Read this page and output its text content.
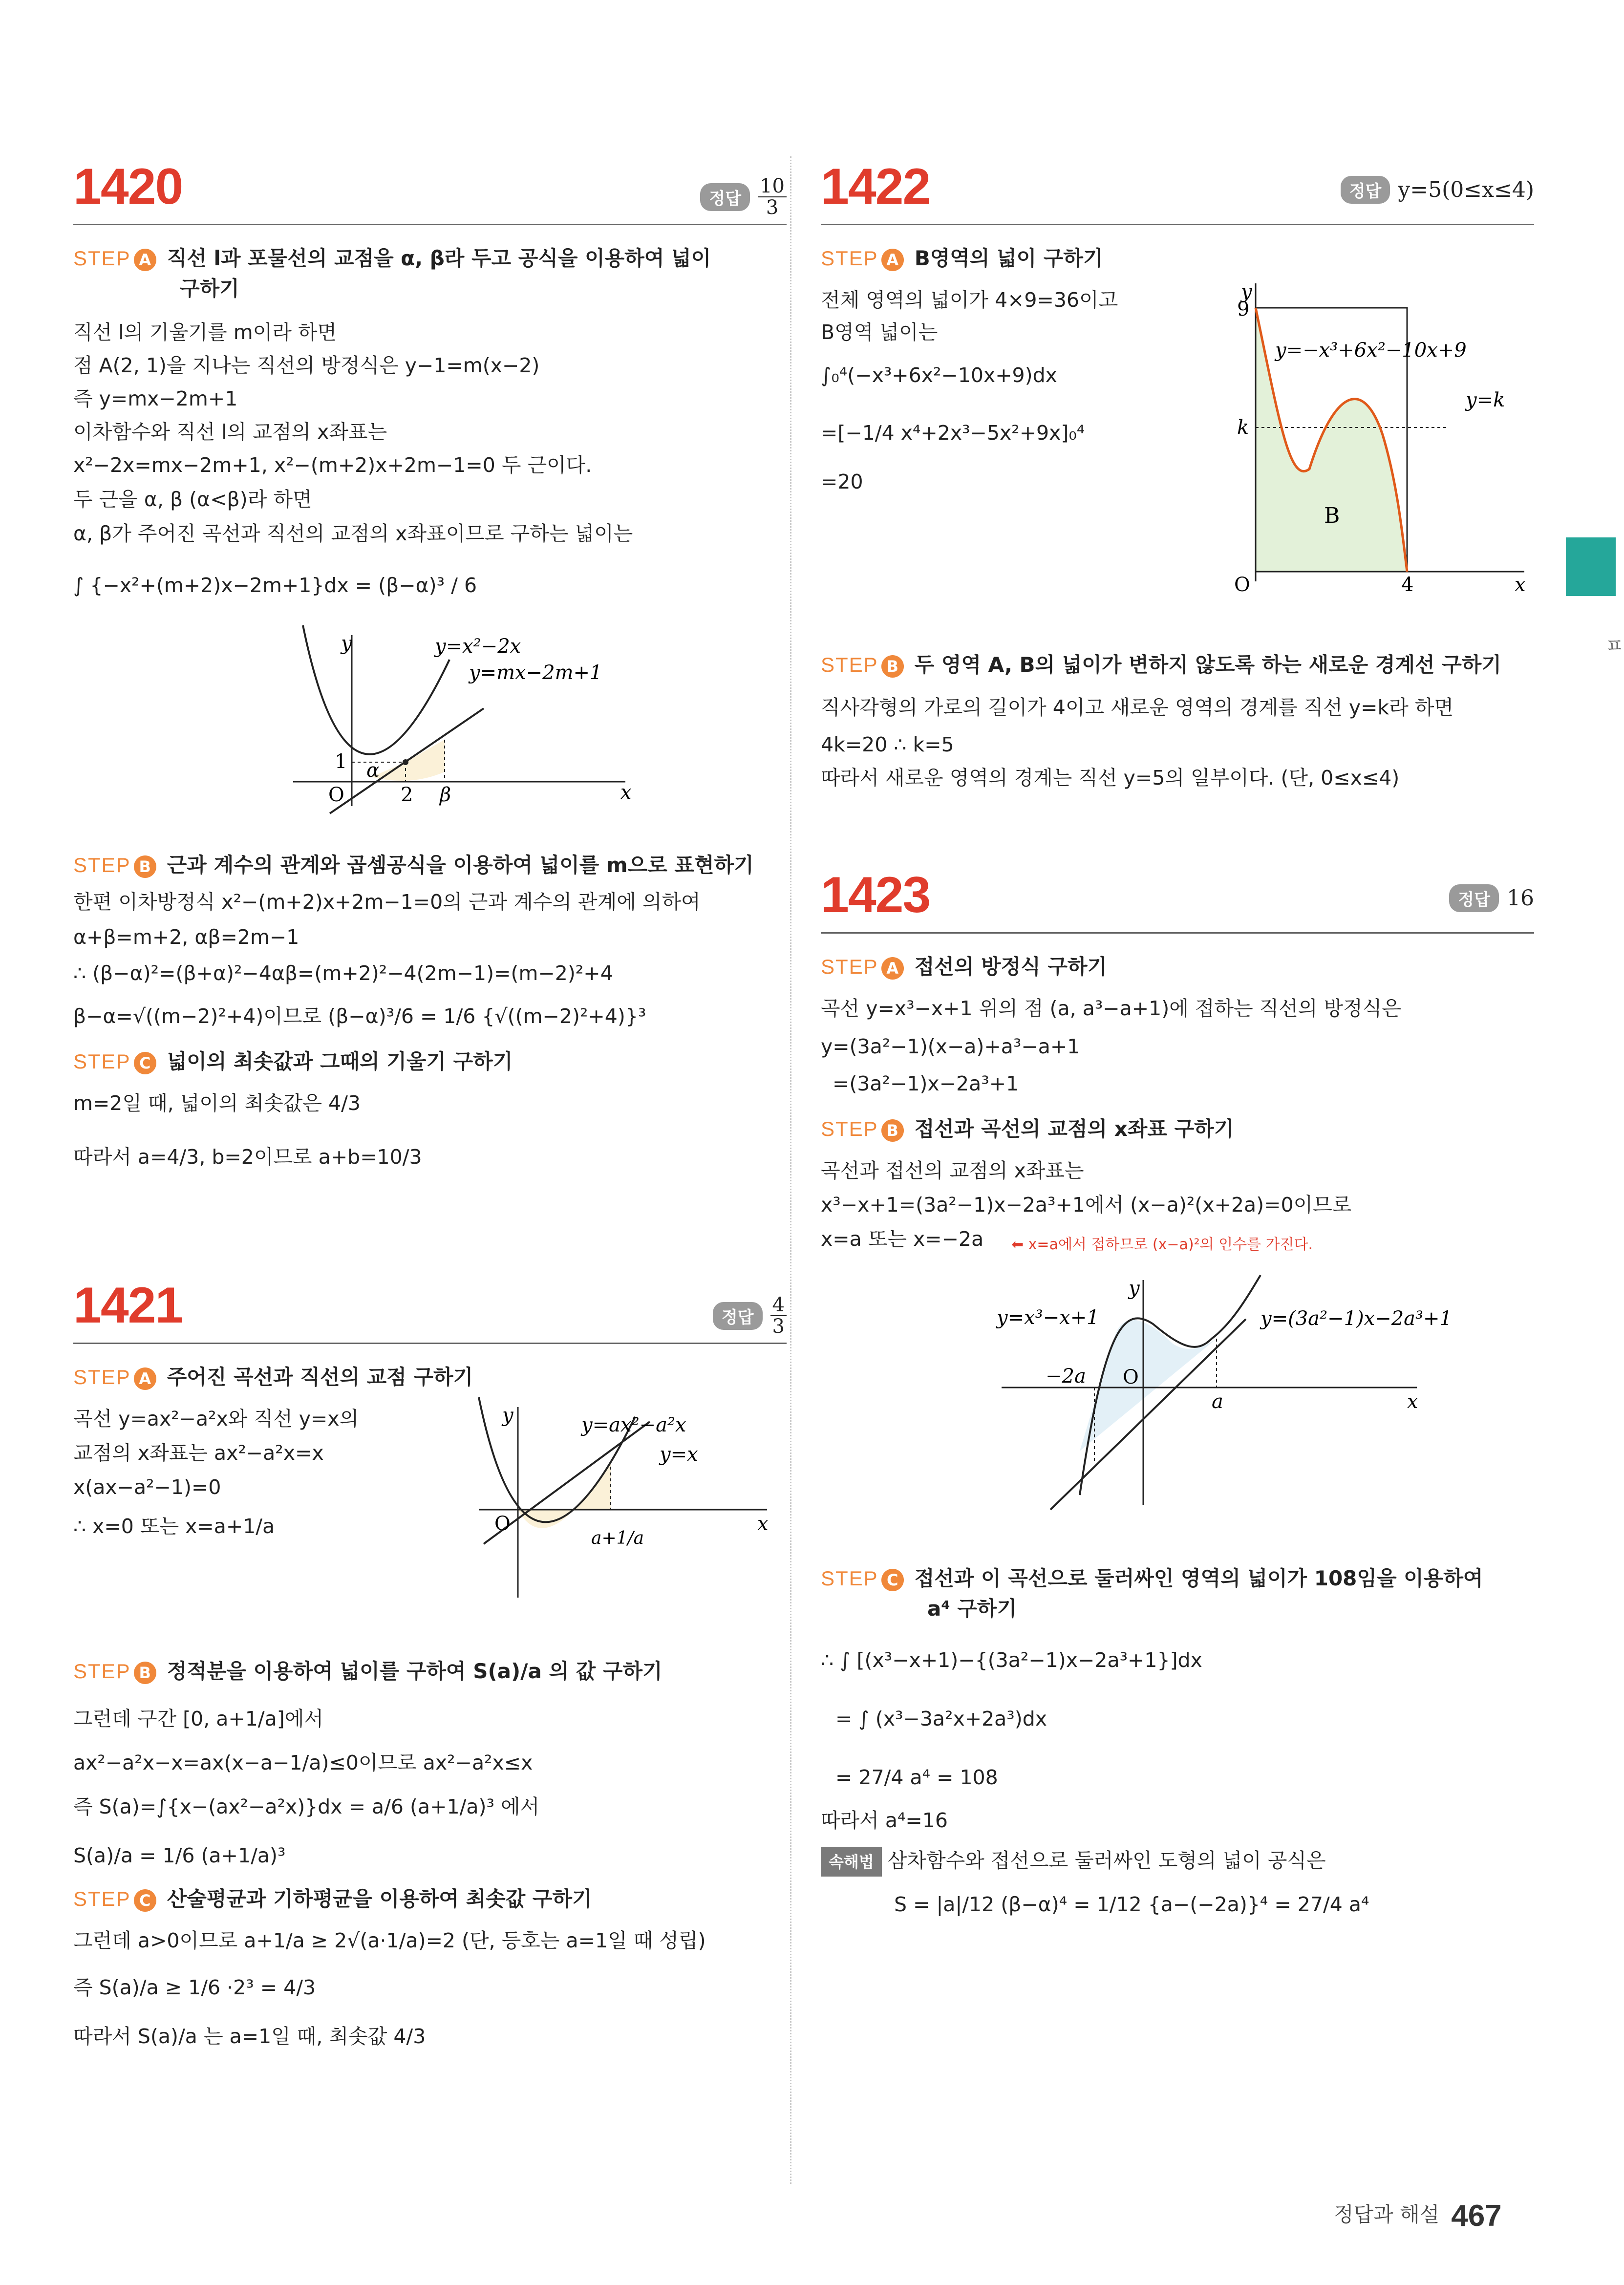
ㅍ
1420	정답 $\frac{10}{3}$
STEP A 직선 l과 포물선의 교점을 α, β라 두고 공식을 이용하여 넓이
구하기
직선 l의 기울기를 m이라 하면
점 A(2, 1)을 지나는 직선의 방정식은 y−1=m(x−2)
즉 y=mx−2m+1
이차함수와 직선 l의 교점의 x좌표는
x²−2x=mx−2m+1, x²−(m+2)x+2m−1=0 두 근이다.
두 근을 α, β (α<β)라 하면
α, β가 주어진 곡선과 직선의 교점의 x좌표이므로 구하는 넓이는
∫ {−x²+(m+2)x−2m+1}dx = (β−α)³ / 6
y
x
O
1
2
α
β
y=x²−2x
y=mx−2m+1
STEP B 근과 계수의 관계와 곱셈공식을 이용하여 넓이를 m으로 표현하기
한편 이차방정식 x²−(m+2)x+2m−1=0의 근과 계수의 관계에 의하여
α+β=m+2, αβ=2m−1
∴ (β−α)²=(β+α)²−4αβ=(m+2)²−4(2m−1)=(m−2)²+4
β−α=√((m−2)²+4)이므로 (β−α)³/6 = 1/6 {√((m−2)²+4)}³
STEP C 넓이의 최솟값과 그때의 기울기 구하기
m=2일 때, 넓이의 최솟값은 4/3
따라서 a=4/3, b=2이므로 a+b=10/3
1421	정답 $\frac{4}{3}$
STEP A 주어진 곡선과 직선의 교점 구하기
곡선 y=ax²−a²x와 직선 y=x의
교점의 x좌표는 ax²−a²x=x
x(ax−a²−1)=0
∴ x=0 또는 x=a+1/a
y
x
O
y=ax²−a²x
y=x
a+1/a
STEP B 정적분을 이용하여 넓이를 구하여 S(a)/a 의 값 구하기
그런데 구간 [0, a+1/a]에서
ax²−a²x−x=ax(x−a−1/a)≤0이므로 ax²−a²x≤x
즉 S(a)=∫{x−(ax²−a²x)}dx = a/6 (a+1/a)³ 에서
S(a)/a = 1/6 (a+1/a)³
STEP C 산술평균과 기하평균을 이용하여 최솟값 구하기
그런데 a>0이므로 a+1/a ≥ 2√(a·1/a)=2 (단, 등호는 a=1일 때 성립)
즉 S(a)/a ≥ 1/6 ·2³ = 4/3
따라서 S(a)/a 는 a=1일 때, 최솟값 4/3
1422	정답 y=5(0≤x≤4)
STEP A B영역의 넓이 구하기
전체 영역의 넓이가 4×9=36이고
B영역 넓이는
∫₀⁴(−x³+6x²−10x+9)dx
=[−1/4 x⁴+2x³−5x²+9x]₀⁴
=20
y
x
O
9
k
4
B
y=−x³+6x²−10x+9
y=k
STEP B 두 영역 A, B의 넓이가 변하지 않도록 하는 새로운 경계선 구하기
직사각형의 가로의 길이가 4이고 새로운 영역의 경계를 직선 y=k라 하면
4k=20 ∴ k=5
따라서 새로운 영역의 경계는 직선 y=5의 일부이다. (단, 0≤x≤4)
1423	정답 16
STEP A 접선의 방정식 구하기
곡선 y=x³−x+1 위의 점 (a, a³−a+1)에 접하는 직선의 방정식은
y=(3a²−1)(x−a)+a³−a+1
=(3a²−1)x−2a³+1
STEP B 접선과 곡선의 교점의 x좌표 구하기
곡선과 접선의 교점의 x좌표는
x³−x+1=(3a²−1)x−2a³+1에서 (x−a)²(x+2a)=0이므로
x=a 또는 x=−2a ⬅ x=a에서 접하므로 (x−a)²의 인수를 가진다.
y
x
O
−2a
a
y=x³−x+1	y=(3a²−1)x−2a³+1
STEP C 접선과 이 곡선으로 둘러싸인 영역의 넓이가 108임을 이용하여
a⁴ 구하기
∴ ∫ [(x³−x+1)−{(3a²−1)x−2a³+1}]dx
= ∫ (x³−3a²x+2a³)dx
= 27/4 a⁴ = 108
따라서 a⁴=16
속해법 삼차함수와 접선으로 둘러싸인 도형의 넓이 공식은
S = |a|/12 (β−α)⁴ = 1/12 {a−(−2a)}⁴ = 27/4 a⁴
정답과 해설 467
